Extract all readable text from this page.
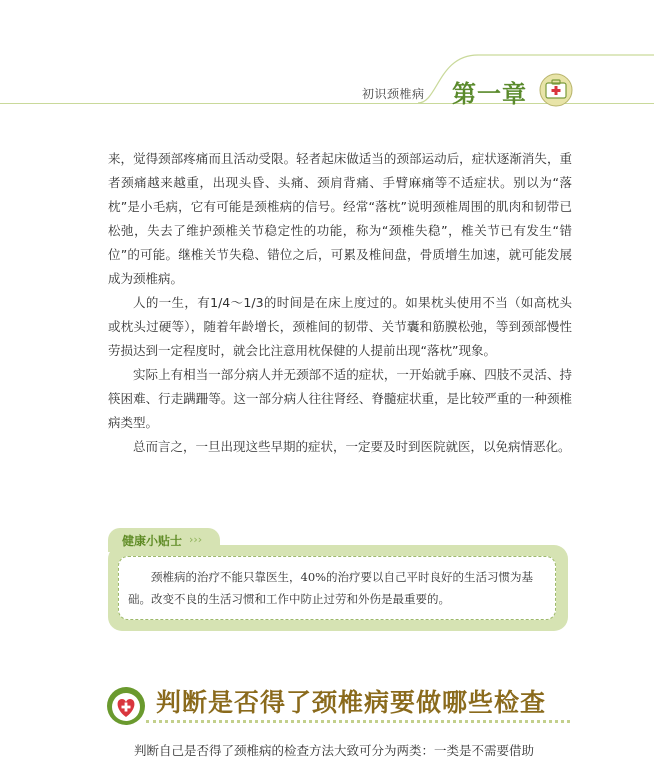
初识颈椎病 第一章

来，觉得颈部疼痛而且活动受限。轻者起床做适当的颈部运动后，症状逐渐消失，重者颈痛越来越重，出现头昏、头痛、颈肩背痛、手臂麻痛等不适症状。别以为“落枕”是小毛病，它有可能是颈椎病的信号。经常“落枕”说明颈椎周围的肌肉和韧带已松弛，失去了维护颈椎关节稳定性的功能，称为“颈椎失稳”，椎关节已有发生“错位”的可能。继椎关节失稳、错位之后，可累及椎间盘，骨质增生加速，就可能发展成为颈椎病。

人的一生，有1/4～1/3的时间是在床上度过的。如果枕头使用不当（如高枕头或枕头过硬等），随着年龄增长，颈椎间的韧带、关节囊和筋膜松弛，等到颈部慢性劳损达到一定程度时，就会比注意用枕保健的人提前出现“落枕”现象。

实际上有相当一部分病人并无颈部不适的症状，一开始就手麻、四肢不灵活、持筷困难、行走蹒跚等。这一部分病人往往肾经、脊髓症状重，是比较严重的一种颈椎病类型。

总而言之，一旦出现这些早期的症状，一定要及时到医院就医，以免病情恶化。

健康小贴士 ›››
颈椎病的治疗不能只靠医生，40%的治疗要以自己平时良好的生活习惯为基础。改变不良的生活习惯和工作中防止过劳和外伤是最重要的。
判断是否得了颈椎病要做哪些检查
判断自己是否得了颈椎病的检查方法大致可分为两类：一类是不需要借助
